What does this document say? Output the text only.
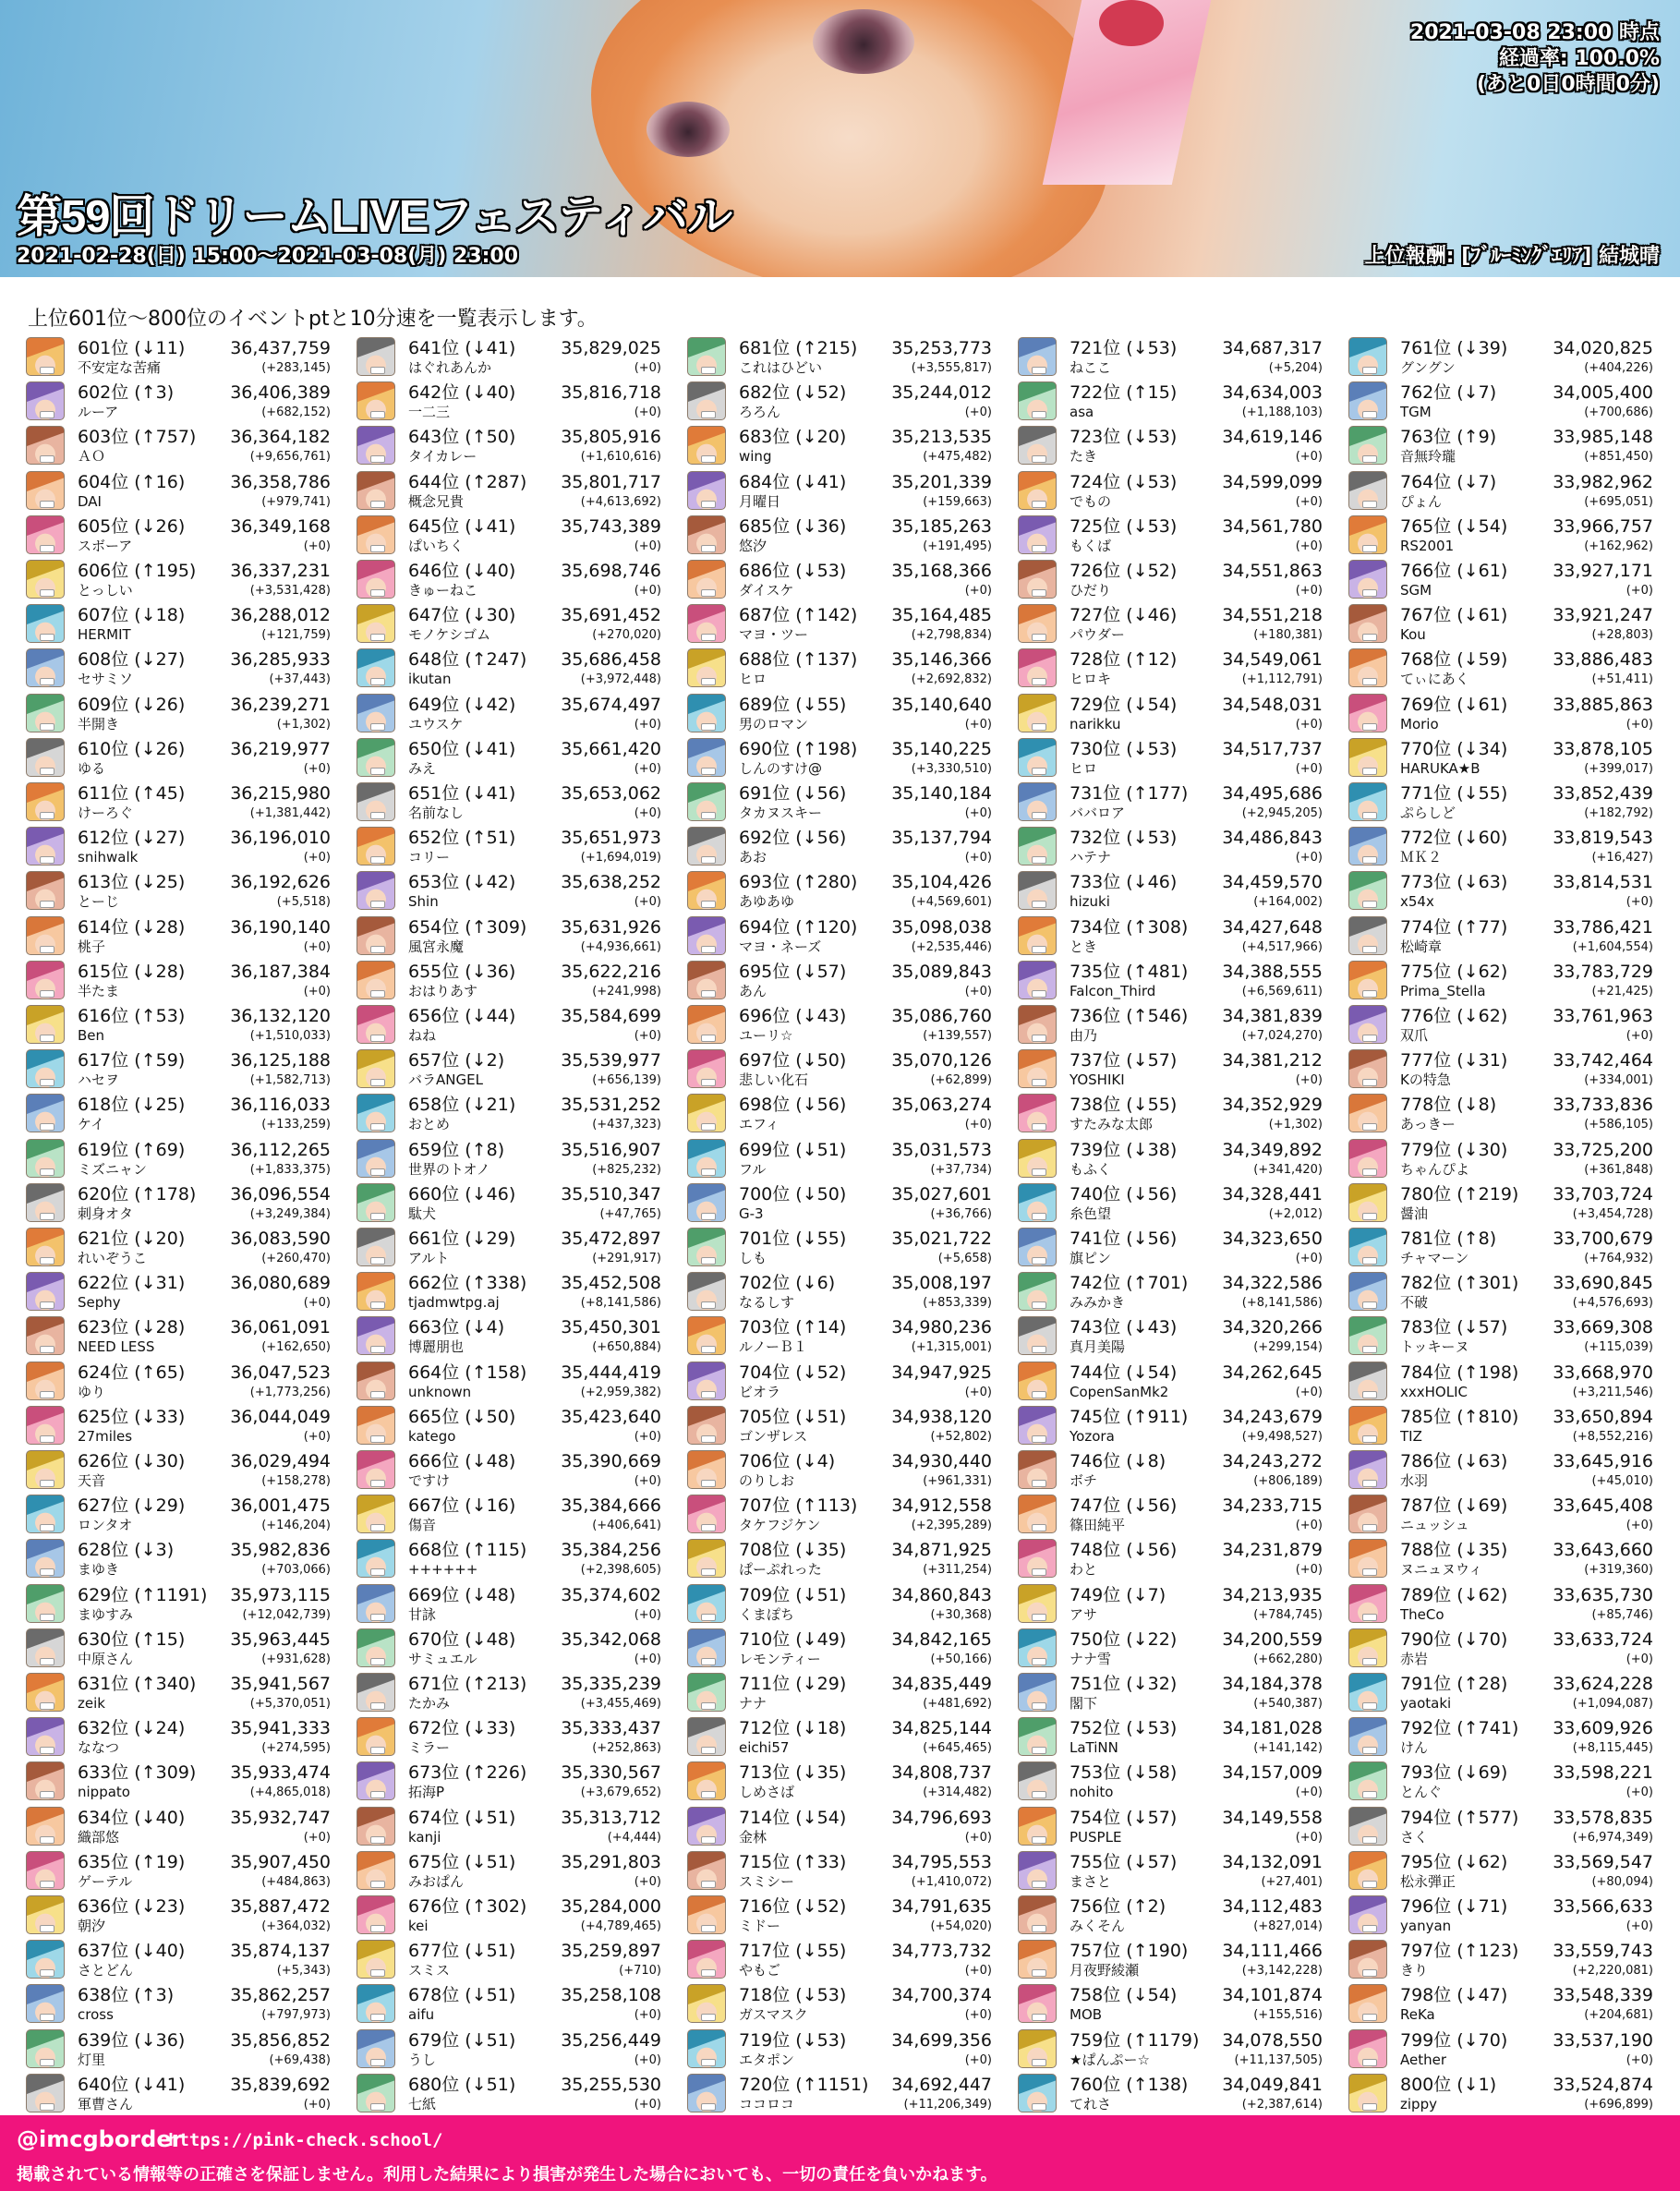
2021-03-08 23:00 時点
経過率: 100.0%
(あと0日0時間0分)
第59回ドリームLIVEフェスティバル
2021-02-28(日) 15:00～2021-03-08(月) 23:00	上位報酬: [ﾌﾞﾙｰﾐﾝｸﾞｴﾘｱ] 結城晴
上位601位～800位のイベントptと10分速を一覧表示します。
601位 (↓11)
不安定な苦痛
36,437,759
(+283,145)
602位 (↑3)
ルーア
36,406,389
(+682,152)
603位 (↑757)
ＡＯ
36,364,182
(+9,656,761)
604位 (↑16)
DAI
36,358,786
(+979,741)
605位 (↓26)
スボーア
36,349,168
(+0)
606位 (↑195)
とっしい
36,337,231
(+3,531,428)
607位 (↓18)
HERMIT
36,288,012
(+121,759)
608位 (↓27)
セサミソ
36,285,933
(+37,443)
609位 (↓26)
半開き
36,239,271
(+1,302)
610位 (↓26)
ゆる
36,219,977
(+0)
611位 (↑45)
けーろぐ
36,215,980
(+1,381,442)
612位 (↓27)
snihwalk
36,196,010
(+0)
613位 (↓25)
とーじ
36,192,626
(+5,518)
614位 (↓28)
桃子
36,190,140
(+0)
615位 (↓28)
半たま
36,187,384
(+0)
616位 (↑53)
Ben
36,132,120
(+1,510,033)
617位 (↑59)
ハセヲ
36,125,188
(+1,582,713)
618位 (↓25)
ケイ
36,116,033
(+133,259)
619位 (↑69)
ミズニャン
36,112,265
(+1,833,375)
620位 (↑178)
刺身オタ
36,096,554
(+3,249,384)
621位 (↓20)
れいぞうこ
36,083,590
(+260,470)
622位 (↓31)
Sephy
36,080,689
(+0)
623位 (↓28)
NEED LESS
36,061,091
(+162,650)
624位 (↑65)
ゆり
36,047,523
(+1,773,256)
625位 (↓33)
27miles
36,044,049
(+0)
626位 (↓30)
天音
36,029,494
(+158,278)
627位 (↓29)
ロンタオ
36,001,475
(+146,204)
628位 (↓3)
まゆき
35,982,836
(+703,066)
629位 (↑1191)
まゆすみ
35,973,115
(+12,042,739)
630位 (↑15)
中原さん
35,963,445
(+931,628)
631位 (↑340)
zeik
35,941,567
(+5,370,051)
632位 (↓24)
ななつ
35,941,333
(+274,595)
633位 (↑309)
nippato
35,933,474
(+4,865,018)
634位 (↓40)
織部悠
35,932,747
(+0)
635位 (↑19)
ゲーテル
35,907,450
(+484,863)
636位 (↓23)
朝汐
35,887,472
(+364,032)
637位 (↓40)
さとどん
35,874,137
(+5,343)
638位 (↑3)
cross
35,862,257
(+797,973)
639位 (↓36)
灯里
35,856,852
(+69,438)
640位 (↓41)
軍曹さん
35,839,692
(+0)
641位 (↓41)
はぐれあんか
35,829,025
(+0)
642位 (↓40)
一二三
35,816,718
(+0)
643位 (↑50)
タイカレー
35,805,916
(+1,610,616)
644位 (↑287)
概念兄貴
35,801,717
(+4,613,692)
645位 (↓41)
ぱいちく
35,743,389
(+0)
646位 (↓40)
きゅーねこ
35,698,746
(+0)
647位 (↓30)
モノケシゴム
35,691,452
(+270,020)
648位 (↑247)
ikutan
35,686,458
(+3,972,448)
649位 (↓42)
ユウスケ
35,674,497
(+0)
650位 (↓41)
みえ
35,661,420
(+0)
651位 (↓41)
名前なし
35,653,062
(+0)
652位 (↑51)
コリー
35,651,973
(+1,694,019)
653位 (↓42)
Shin
35,638,252
(+0)
654位 (↑309)
風宮永魔
35,631,926
(+4,936,661)
655位 (↓36)
おはりあす
35,622,216
(+241,998)
656位 (↓44)
ねね
35,584,699
(+0)
657位 (↓2)
バラANGEL
35,539,977
(+656,139)
658位 (↓21)
おとめ
35,531,252
(+437,323)
659位 (↑8)
世界のトオノ
35,516,907
(+825,232)
660位 (↓46)
駄犬
35,510,347
(+47,765)
661位 (↓29)
アルト
35,472,897
(+291,917)
662位 (↑338)
tjadmwtpg.aj
35,452,508
(+8,141,586)
663位 (↓4)
博麗朋也
35,450,301
(+650,884)
664位 (↑158)
unknown
35,444,419
(+2,959,382)
665位 (↓50)
katego
35,423,640
(+0)
666位 (↓48)
ですけ
35,390,669
(+0)
667位 (↓16)
傷音
35,384,666
(+406,641)
668位 (↑115)
++++++
35,384,256
(+2,398,605)
669位 (↓48)
甘詠
35,374,602
(+0)
670位 (↓48)
サミュエル
35,342,068
(+0)
671位 (↑213)
たかみ
35,335,239
(+3,455,469)
672位 (↓33)
ミラー
35,333,437
(+252,863)
673位 (↑226)
拓海P
35,330,567
(+3,679,652)
674位 (↓51)
kanji
35,313,712
(+4,444)
675位 (↓51)
みおぱん
35,291,803
(+0)
676位 (↑302)
kei
35,284,000
(+4,789,465)
677位 (↓51)
スミス
35,259,897
(+710)
678位 (↓51)
aifu
35,258,108
(+0)
679位 (↓51)
うし
35,256,449
(+0)
680位 (↓51)
七紙
35,255,530
(+0)
681位 (↑215)
これはひどい
35,253,773
(+3,555,817)
682位 (↓52)
ろろん
35,244,012
(+0)
683位 (↓20)
wing
35,213,535
(+475,482)
684位 (↓41)
月曜日
35,201,339
(+159,663)
685位 (↓36)
悠汐
35,185,263
(+191,495)
686位 (↓53)
ダイスケ
35,168,366
(+0)
687位 (↑142)
マヨ・ツー
35,164,485
(+2,798,834)
688位 (↑137)
ヒロ
35,146,366
(+2,692,832)
689位 (↓55)
男のロマン
35,140,640
(+0)
690位 (↑198)
しんのすけ@
35,140,225
(+3,330,510)
691位 (↓56)
タカヌスキー
35,140,184
(+0)
692位 (↓56)
あお
35,137,794
(+0)
693位 (↑280)
あゆあゆ
35,104,426
(+4,569,601)
694位 (↑120)
マヨ・ネーズ
35,098,038
(+2,535,446)
695位 (↓57)
あん
35,089,843
(+0)
696位 (↓43)
ユーリ☆
35,086,760
(+139,557)
697位 (↓50)
悲しい化石
35,070,126
(+62,899)
698位 (↓56)
エフィ
35,063,274
(+0)
699位 (↓51)
フル
35,031,573
(+37,734)
700位 (↓50)
G-3
35,027,601
(+36,766)
701位 (↓55)
しも
35,021,722
(+5,658)
702位 (↓6)
なるしす
35,008,197
(+853,339)
703位 (↑14)
ルノーＢ１
34,980,236
(+1,315,001)
704位 (↓52)
ビオラ
34,947,925
(+0)
705位 (↓51)
ゴンザレス
34,938,120
(+52,802)
706位 (↓4)
のりしお
34,930,440
(+961,331)
707位 (↑113)
タケフジケン
34,912,558
(+2,395,289)
708位 (↓35)
ぱーぷれった
34,871,925
(+311,254)
709位 (↓51)
くまぽち
34,860,843
(+30,368)
710位 (↓49)
レモンティー
34,842,165
(+50,166)
711位 (↓29)
ナナ
34,835,449
(+481,692)
712位 (↓18)
eichi57
34,825,144
(+645,465)
713位 (↓35)
しめさば
34,808,737
(+314,482)
714位 (↓54)
金林
34,796,693
(+0)
715位 (↑33)
スミシー
34,795,553
(+1,410,072)
716位 (↓52)
ミドー
34,791,635
(+54,020)
717位 (↓55)
やもご
34,773,732
(+0)
718位 (↓53)
ガスマスク
34,700,374
(+0)
719位 (↓53)
エタポン
34,699,356
(+0)
720位 (↑1151)
ココロコ
34,692,447
(+11,206,349)
721位 (↓53)
ねここ
34,687,317
(+5,204)
722位 (↑15)
asa
34,634,003
(+1,188,103)
723位 (↓53)
たき
34,619,146
(+0)
724位 (↓53)
でもの
34,599,099
(+0)
725位 (↓53)
もくば
34,561,780
(+0)
726位 (↓52)
ひだり
34,551,863
(+0)
727位 (↓46)
パウダー
34,551,218
(+180,381)
728位 (↑12)
ヒロキ
34,549,061
(+1,112,791)
729位 (↓54)
narikku
34,548,031
(+0)
730位 (↓53)
ヒロ
34,517,737
(+0)
731位 (↑177)
ババロア
34,495,686
(+2,945,205)
732位 (↓53)
ハテナ
34,486,843
(+0)
733位 (↓46)
hizuki
34,459,570
(+164,002)
734位 (↑308)
とき
34,427,648
(+4,517,966)
735位 (↑481)
Falcon_Third
34,388,555
(+6,569,611)
736位 (↑546)
由乃
34,381,839
(+7,024,270)
737位 (↓57)
YOSHIKI
34,381,212
(+0)
738位 (↓55)
すたみな太郎
34,352,929
(+1,302)
739位 (↓38)
もふく
34,349,892
(+341,420)
740位 (↓56)
糸色望
34,328,441
(+2,012)
741位 (↓56)
旗ピン
34,323,650
(+0)
742位 (↑701)
みみかき
34,322,586
(+8,141,586)
743位 (↓43)
真月美陽
34,320,266
(+299,154)
744位 (↓54)
CopenSanMk2
34,262,645
(+0)
745位 (↑911)
Yozora
34,243,679
(+9,498,527)
746位 (↓8)
ボチ
34,243,272
(+806,189)
747位 (↓56)
篠田純平
34,233,715
(+0)
748位 (↓56)
わと
34,231,879
(+0)
749位 (↓7)
アサ
34,213,935
(+784,745)
750位 (↓22)
ナナ雪
34,200,559
(+662,280)
751位 (↓32)
閣下
34,184,378
(+540,387)
752位 (↓53)
LaTiNN
34,181,028
(+141,142)
753位 (↓58)
nohito
34,157,009
(+0)
754位 (↓57)
PUSPLE
34,149,558
(+0)
755位 (↓57)
まさと
34,132,091
(+27,401)
756位 (↑2)
みくそん
34,112,483
(+827,014)
757位 (↑190)
月夜野綾瀬
34,111,466
(+3,142,228)
758位 (↓54)
MOB
34,101,874
(+155,516)
759位 (↑1179)
★ぱんぷー☆
34,078,550
(+11,137,505)
760位 (↑138)
てれさ
34,049,841
(+2,387,614)
761位 (↓39)
グングン
34,020,825
(+404,226)
762位 (↓7)
TGM
34,005,400
(+700,686)
763位 (↑9)
音無玲瓏
33,985,148
(+851,450)
764位 (↓7)
ぴょん
33,982,962
(+695,051)
765位 (↓54)
RS2001
33,966,757
(+162,962)
766位 (↓61)
SGM
33,927,171
(+0)
767位 (↓61)
Kou
33,921,247
(+28,803)
768位 (↓59)
てぃにあく
33,886,483
(+51,411)
769位 (↓61)
Morio
33,885,863
(+0)
770位 (↓34)
HARUKA★B
33,878,105
(+399,017)
771位 (↓55)
ぷらしど
33,852,439
(+182,792)
772位 (↓60)
ＭＫ２
33,819,543
(+16,427)
773位 (↓63)
x54x
33,814,531
(+0)
774位 (↑77)
松崎章
33,786,421
(+1,604,554)
775位 (↓62)
Prima_Stella
33,783,729
(+21,425)
776位 (↓62)
双爪
33,761,963
(+0)
777位 (↓31)
Kの特急
33,742,464
(+334,001)
778位 (↓8)
あっきー
33,733,836
(+586,105)
779位 (↓30)
ちゃんぴよ
33,725,200
(+361,848)
780位 (↑219)
醤油
33,703,724
(+3,454,728)
781位 (↑8)
チャマーン
33,700,679
(+764,932)
782位 (↑301)
不破
33,690,845
(+4,576,693)
783位 (↓57)
トッキーヌ
33,669,308
(+115,039)
784位 (↑198)
xxxHOLIC
33,668,970
(+3,211,546)
785位 (↑810)
TIZ
33,650,894
(+8,552,216)
786位 (↓63)
水羽
33,645,916
(+45,010)
787位 (↓69)
ニュッシュ
33,645,408
(+0)
788位 (↓35)
ヌニュヌウィ
33,643,660
(+319,360)
789位 (↓62)
TheCo
33,635,730
(+85,746)
790位 (↓70)
赤岩
33,633,724
(+0)
791位 (↑28)
yaotaki
33,624,228
(+1,094,087)
792位 (↑741)
けん
33,609,926
(+8,115,445)
793位 (↓69)
とんぐ
33,598,221
(+0)
794位 (↑577)
さく
33,578,835
(+6,974,349)
795位 (↓62)
松永弾正
33,569,547
(+80,094)
796位 (↓71)
yanyan
33,566,633
(+0)
797位 (↑123)
きり
33,559,743
(+2,220,081)
798位 (↓47)
ReKa
33,548,339
(+204,681)
799位 (↓70)
Aether
33,537,190
(+0)
800位 (↓1)
zippy
33,524,874
(+696,899)
@imcgborder
https://pink-check.school/
掲載されている情報等の正確さを保証しません。利用した結果により損害が発生した場合においても、一切の責任を負いかねます。
